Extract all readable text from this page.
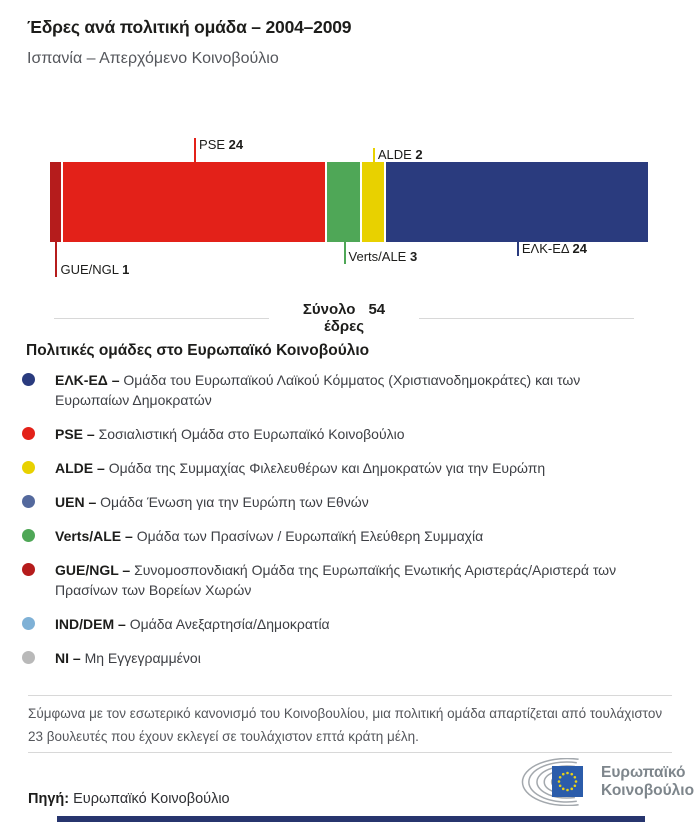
Έδρες ανά πολιτική ομάδα – 2004–2009
Ισπανία – Απερχόμενο Κοινοβούλιο
GUE/NGL 1
PSE 24
Verts/ALE 3
ALDE 2
ΕΛΚ-ΕΔ 24
Σύνολο 54
έδρες
Πολιτικές ομάδες στο Ευρωπαϊκό Κοινοβούλιο
ΕΛΚ-ΕΔ – Ομάδα του Ευρωπαϊκού Λαϊκού Κόμματος (Χριστιανοδημοκράτες) και των Ευρωπαίων Δημοκρατών
PSE – Σοσιαλιστική Ομάδα στο Ευρωπαϊκό Κοινοβούλιο
ALDE – Ομάδα της Συμμαχίας Φιλελευθέρων και Δημοκρατών για την Ευρώπη
UEN – Ομάδα Ένωση για την Ευρώπη των Εθνών
Verts/ALE – Ομάδα των Πρασίνων / Ευρωπαϊκή Ελεύθερη Συμμαχία
GUE/NGL – Συνομοσπονδιακή Ομάδα της Ευρωπαϊκής Ενωτικής Αριστεράς/Αριστερά των Πρασίνων των Βορείων Χωρών
IND/DEM – Ομάδα Ανεξαρτησία/Δημοκρατία
NI – Μη Εγγεγραμμένοι
Σύμφωνα με τον εσωτερικό κανονισμό του Κοινοβουλίου, μια πολιτική ομάδα απαρτίζεται από τουλάχιστον 23 βουλευτές που έχουν εκλεγεί σε τουλάχιστον επτά κράτη μέλη.
Πηγή: Ευρωπαϊκό Κοινοβούλιο
Ευρωπαϊκό
Κοινοβούλιο
